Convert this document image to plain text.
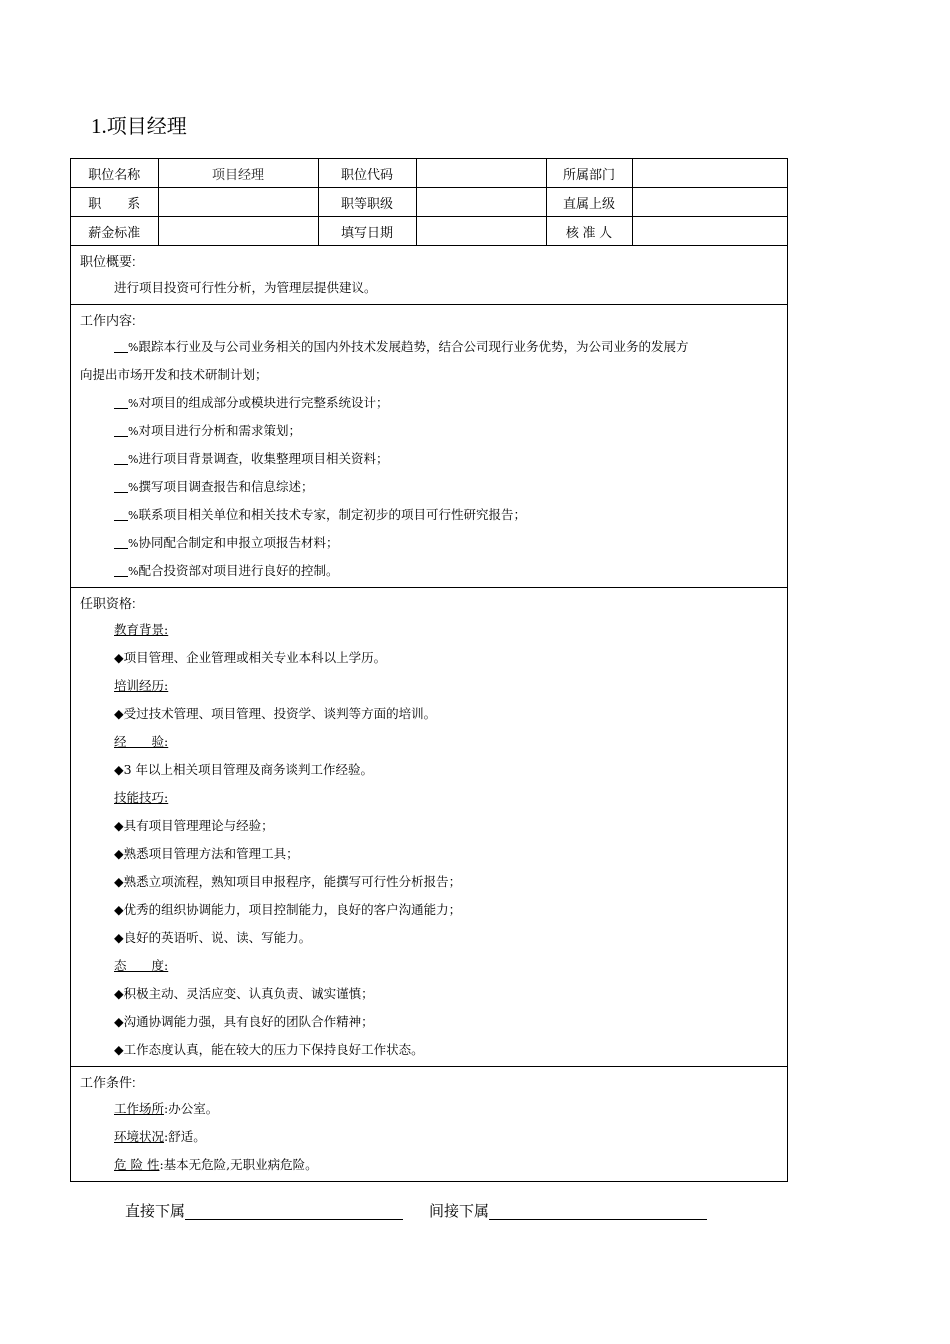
1.项目经理
职位名称	项目经理	职位代码		所属部门	
职　　系		职等职级		直属上级	
薪金标准		填写日期		核 准 人	
职位概要:
进行项目投资可行性分析，为管理层提供建议。
工作内容:
%跟踪本行业及与公司业务相关的国内外技术发展趋势，结合公司现行业务优势，为公司业务的发展方
向提出市场开发和技术研制计划；
%对项目的组成部分或模块进行完整系统设计；
%对项目进行分析和需求策划；
%进行项目背景调查，收集整理项目相关资料；
%撰写项目调查报告和信息综述；
%联系项目相关单位和相关技术专家，制定初步的项目可行性研究报告；
%协同配合制定和申报立项报告材料；
%配合投资部对项目进行良好的控制。
任职资格:
教育背景:
◆项目管理、企业管理或相关专业本科以上学历。
培训经历:
◆受过技术管理、项目管理、投资学、谈判等方面的培训。
经　　验:
◆3 年以上相关项目管理及商务谈判工作经验。
技能技巧:
◆具有项目管理理论与经验；
◆熟悉项目管理方法和管理工具；
◆熟悉立项流程，熟知项目申报程序，能撰写可行性分析报告；
◆优秀的组织协调能力，项目控制能力，良好的客户沟通能力；
◆良好的英语听、说、读、写能力。
态　　度:
◆积极主动、灵活应变、认真负责、诚实谨慎；
◆沟通协调能力强，具有良好的团队合作精神；
◆工作态度认真，能在较大的压力下保持良好工作状态。
工作条件:
工作场所:办公室。
环境状况:舒适。
危 险 性:基本无危险,无职业病危险。
直接下属	间接下属
